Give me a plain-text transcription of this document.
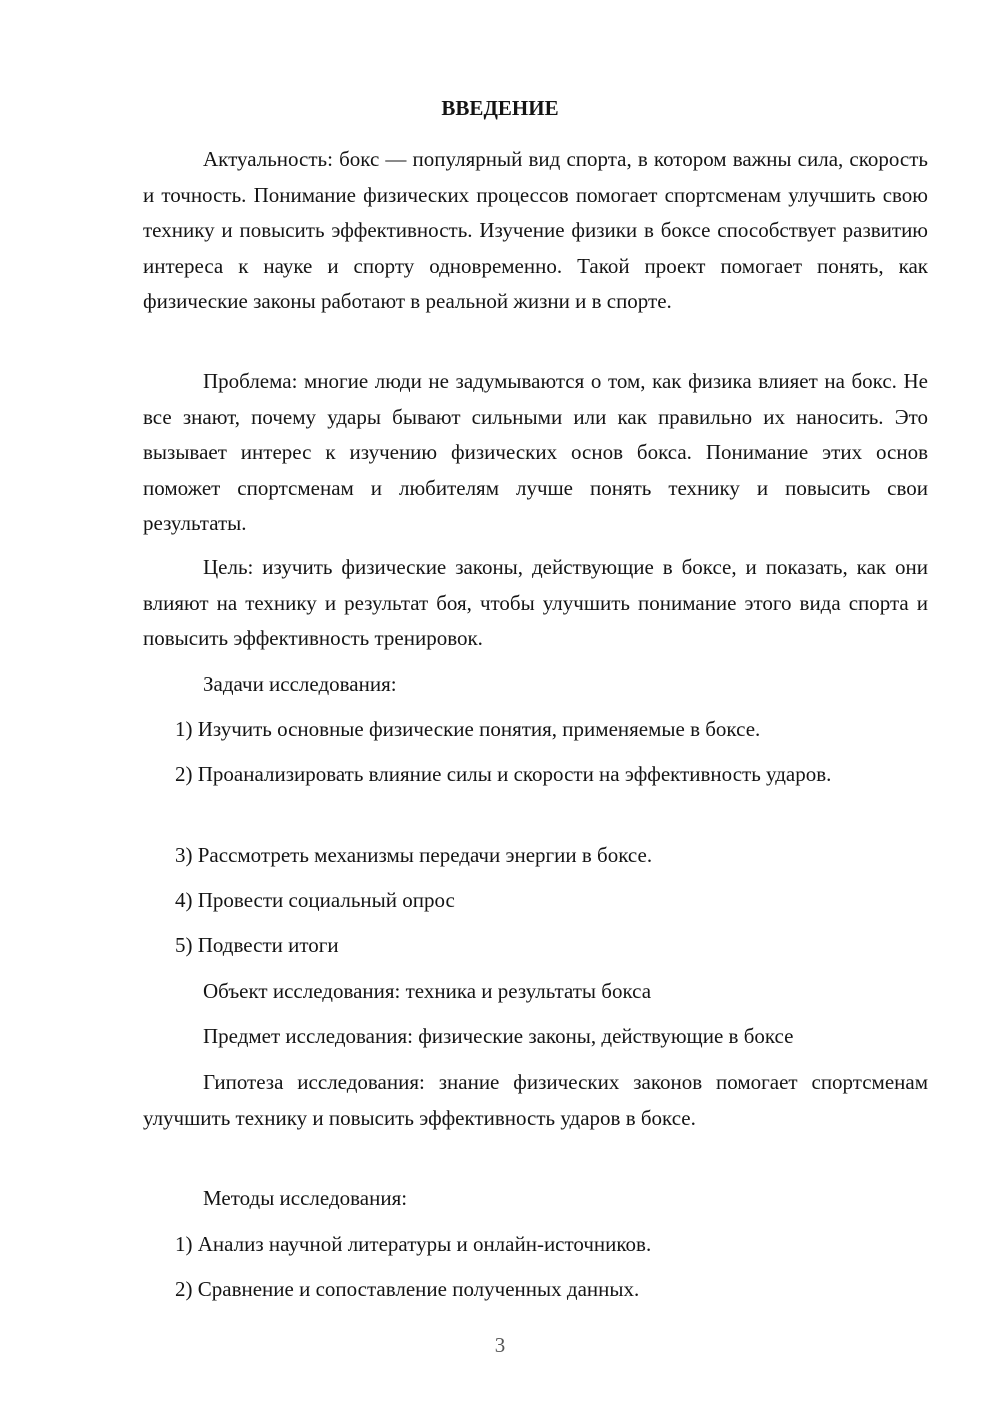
ВВЕДЕНИЕ

Актуальность: бокс — популярный вид спорта, в котором важны сила, скорость и точность. Понимание физических процессов помогает спортсменам улучшить свою технику и повысить эффективность. Изучение физики в боксе способствует развитию интереса к науке и спорту одновременно. Такой проект помогает понять, как физические законы работают в реальной жизни и в спорте.

Проблема: многие люди не задумываются о том, как физика влияет на бокс. Не все знают, почему удары бывают сильными или как правильно их наносить. Это вызывает интерес к изучению физических основ бокса. Понимание этих основ поможет спортсменам и любителям лучше понять технику и повысить свои результаты.

Цель: изучить физические законы, действующие в боксе, и показать, как они влияют на технику и результат боя, чтобы улучшить понимание этого вида спорта и повысить эффективность тренировок.

Задачи исследования:

1) Изучить основные физические понятия, применяемые в боксе.

2) Проанализировать влияние силы и скорости на эффективность ударов.

3) Рассмотреть механизмы передачи энергии в боксе.

4) Провести социальный опрос

5) Подвести итоги

Объект исследования: техника и результаты бокса

Предмет исследования: физические законы, действующие в боксе

Гипотеза исследования: знание физических законов помогает спортсменам улучшить технику и повысить эффективность ударов в боксе.

Методы исследования:

1) Анализ научной литературы и онлайн-источников.

2) Сравнение и сопоставление полученных данных.

3
